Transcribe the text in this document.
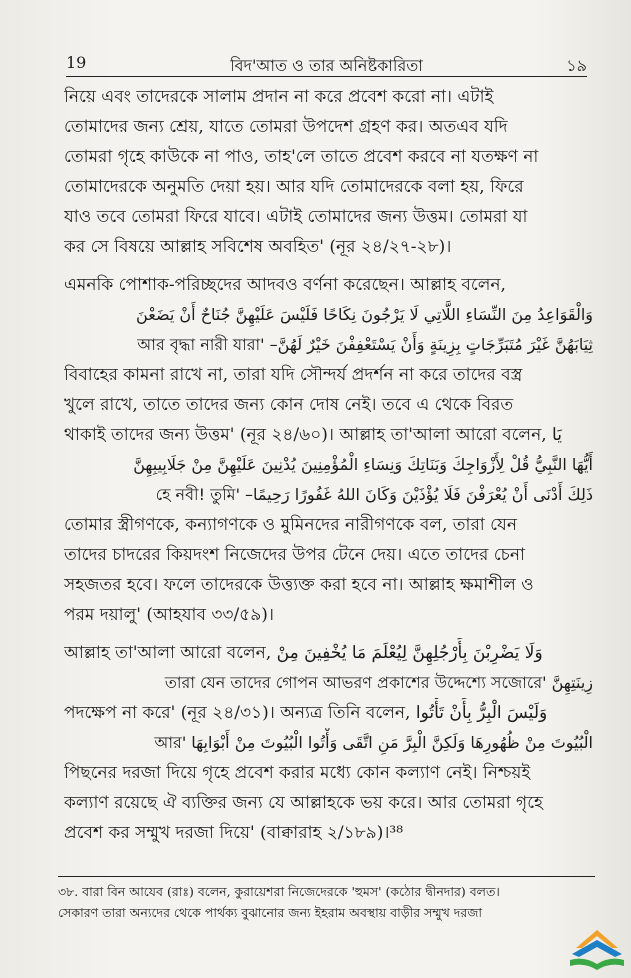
19	বিদ'আত ও তার অনিষ্টকারিতা	১৯
নিয়ে এবং তাদেরকে সালাম প্রদান না করে প্রবেশ করো না। এটাই
তোমাদের জন্য শ্রেয়, যাতে তোমরা উপদেশ গ্রহণ কর। অতএব যদি
তোমরা গৃহে কাউকে না পাও, তাহ'লে তাতে প্রবেশ করবে না যতক্ষণ না
তোমাদেরকে অনুমতি দেয়া হয়। আর যদি তোমাদেরকে বলা হয়, ফিরে
যাও তবে তোমরা ফিরে যাবে। এটাই তোমাদের জন্য উত্তম। তোমরা যা
কর সে বিষয়ে আল্লাহ সবিশেষ অবহিত' (নূর ২৪/২৭-২৮)।
এমনকি পোশাক-পরিচ্ছদের আদবও বর্ণনা করেছেন। আল্লাহ বলেন,
وَالْقَوَاعِدُ مِنَ النِّسَاءِ اللَّاتِي لَا يَرْجُونَ نِكَاحًا فَلَيْسَ عَلَيْهِنَّ جُنَاحٌ أَنْ يَضَعْنَ
ثِيَابَهُنَّ غَيْرَ مُتَبَرِّجَاتٍ بِزِينَةٍ وَأَنْ يَسْتَعْفِفْنَ خَيْرٌ لَهُنَّ– 'আর বৃদ্ধা নারী যারা
বিবাহের কামনা রাখে না, তারা যদি সৌন্দর্য প্রদর্শন না করে তাদের বস্ত্র
খুলে রাখে, তাতে তাদের জন্য কোন দোষ নেই। তবে এ থেকে বিরত
থাকাই তাদের জন্য উত্তম' (নূর ২৪/৬০)। আল্লাহ তা'আলা আরো বলেন, يَا
أَيُّهَا النَّبِيُّ قُلْ لِأَزْوَاجِكَ وَبَنَاتِكَ وَنِسَاءِ الْمُؤْمِنِينَ يُدْنِينَ عَلَيْهِنَّ مِنْ جَلَابِيبِهِنَّ
ذَلِكَ أَدْنَى أَنْ يُعْرَفْنَ فَلَا يُؤْذَيْنَ وَكَانَ اللهُ غَفُورًا رَحِيمًا– 'হে নবী! তুমি
তোমার স্ত্রীগণকে, কন্যাগণকে ও মুমিনদের নারীগণকে বল, তারা যেন
তাদের চাদরের কিয়দংশ নিজেদের উপর টেনে দেয়। এতে তাদের চেনা
সহজতর হবে। ফলে তাদেরকে উত্ত্যক্ত করা হবে না। আল্লাহ ক্ষমাশীল ও
পরম দয়ালু' (আহযাব ৩৩/৫৯)।
আল্লাহ তা'আলা আরো বলেন, وَلَا يَضْرِبْنَ بِأَرْجُلِهِنَّ لِيُعْلَمَ مَا يُخْفِينَ مِنْ
زِينَتِهِنَّ 'তারা যেন তাদের গোপন আভরণ প্রকাশের উদ্দেশ্যে সজোরে
পদক্ষেপ না করে' (নূর ২৪/৩১)। অন্যত্র তিনি বলেন, وَلَيْسَ الْبِرُّ بِأَنْ تَأْتُوا
الْبُيُوتَ مِنْ ظُهُورِهَا وَلَكِنَّ الْبِرَّ مَنِ اتَّقَى وَأْتُوا الْبُيُوتَ مِنْ أَبْوَابِهَا 'আর
পিছনের দরজা দিয়ে গৃহে প্রবেশ করার মধ্যে কোন কল্যাণ নেই। নিশ্চয়ই
কল্যাণ রয়েছে ঐ ব্যক্তির জন্য যে আল্লাহকে ভয় করে। আর তোমরা গৃহে
প্রবেশ কর সম্মুখ দরজা দিয়ে' (বাক্বারাহ ২/১৮৯)।³⁸
৩৮. বারা বিন আযেব (রাঃ) বলেন, কুরায়েশরা নিজেদেরকে 'হুমস' (কঠোর দ্বীনদার) বলত।
সেকারণ তারা অন্যদের থেকে পার্থক্য বুঝানোর জন্য ইহরাম অবস্থায় বাড়ীর সম্মুখ দরজা
